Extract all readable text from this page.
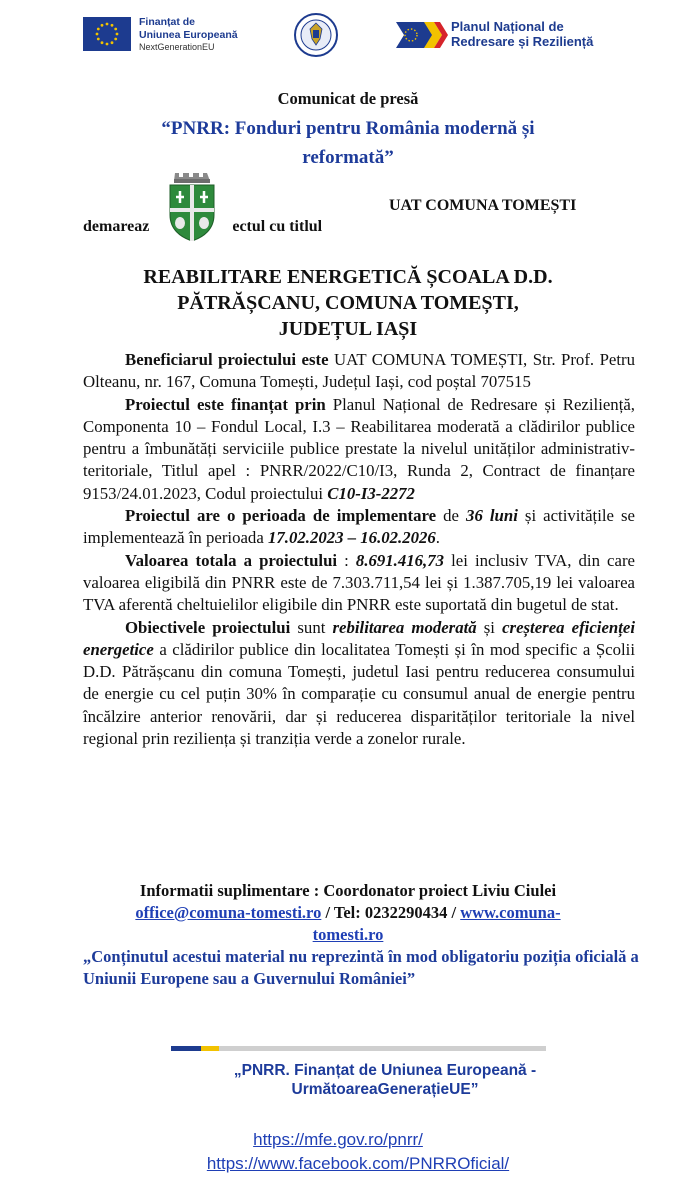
Finanțat de
Uniunea Europeană
NextGenerationEU
Planul Național de
Redresare și Reziliență
Comunicat de presă
“PNRR: Fonduri pentru România modernă și
reformată”
demareaz	ectul cu titlul
UAT COMUNA TOMEȘTI
REABILITARE ENERGETICĂ ȘCOALA D.D.
PĂTRĂȘCANU, COMUNA TOMEȘTI,
JUDEȚUL IAȘI

Beneficiarul proiectului este UAT COMUNA TOMEȘTI, Str. Prof. Petru Olteanu, nr. 167, Comuna Tomești, Județul Iași, cod poștal 707515

Proiectul este finanțat prin Planul Național de Redresare și Reziliență, Componenta 10 – Fondul Local, I.3 – Reabilitarea moderată a clădirilor publice pentru a îmbunătăți serviciile publice prestate la nivelul unităților administrativ-teritoriale, Titlul apel : PNRR/2022/C10/I3, Runda 2, Contract de finanțare 9153/24.01.2023, Codul proiectului C10-I3-2272

Proiectul are o perioada de implementare de 36 luni și activitățile se implementează în perioada 17.02.2023 – 16.02.2026.

Valoarea totala a proiectului : 8.691.416,73 lei inclusiv TVA, din care valoarea eligibilă din PNRR este de 7.303.711,54 lei și 1.387.705,19 lei valoarea TVA aferentă cheltuielilor eligibile din PNRR este suportată din bugetul de stat.

Obiectivele proiectului sunt rebilitarea moderată și creșterea eficienței energetice a clădirilor publice din localitatea Tomești și în mod specific a Școlii D.D. Pătrășcanu din comuna Tomești, judetul Iasi pentru reducerea consumului de energie cu cel puțin 30% în comparație cu consumul anual de energie pentru încălzire anterior renovării, dar și reducerea disparităților teritoriale la nivel regional prin reziliența și tranziția verde a zonelor rurale.

Informatii suplimentare : Coordonator proiect Liviu Ciulei
office@comuna-tomesti.ro / Tel: 0232290434 / www.comuna-
tomesti.ro
„Conținutul acestui material nu reprezintă în mod obligatoriu poziția oficială a Uniunii Europene sau a Guvernului României”
„PNRR. Finanțat de Uniunea Europeană -
UrmătoareaGenerațieUE”
https://mfe.gov.ro/pnrr/
https://www.facebook.com/PNRROficial/
